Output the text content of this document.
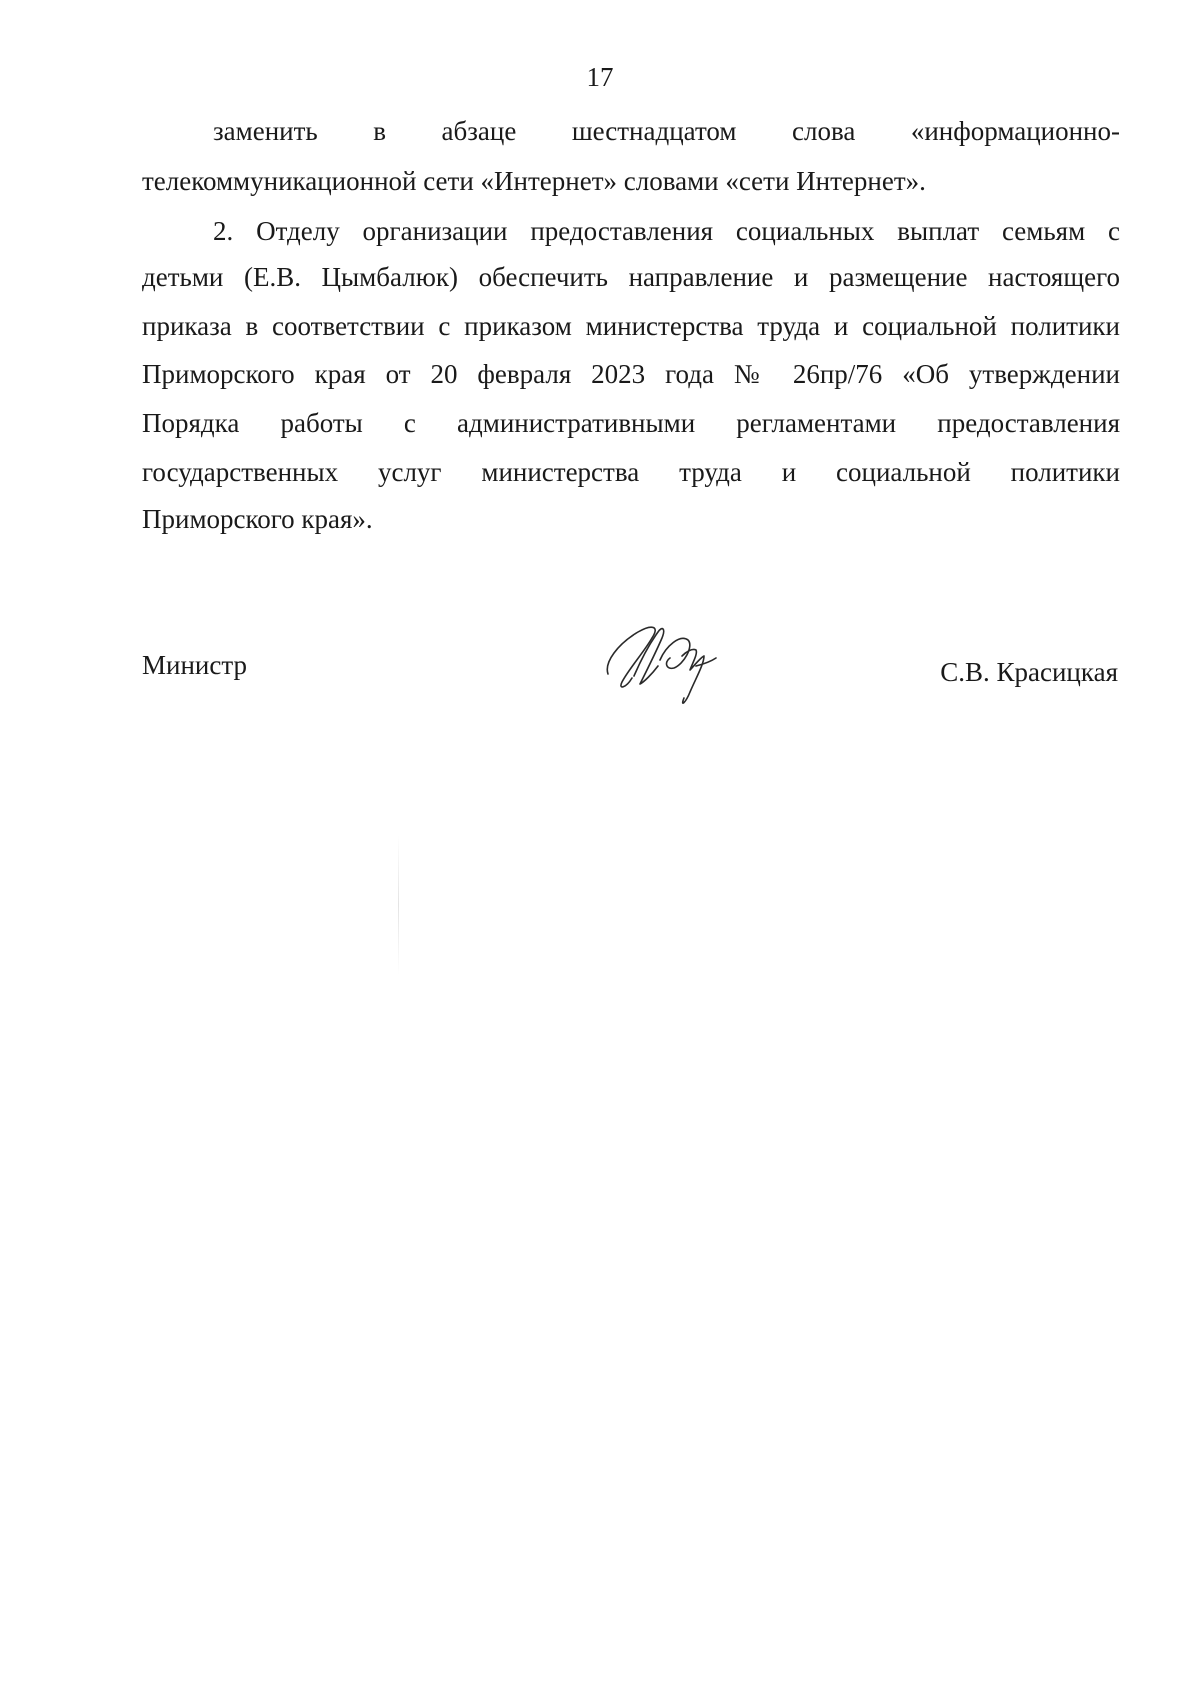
17
заменить в абзаце шестнадцатом слова «информационно-
телекоммуникационной сети «Интернет» словами «сети Интернет».
2. Отделу организации предоставления социальных выплат семьям с
детьми (Е.В. Цымбалюк) обеспечить направление и размещение настоящего
приказа в соответствии с приказом министерства труда и социальной политики
Приморского края от 20 февраля 2023 года № 26пр/76 «Об утверждении
Порядка работы с административными регламентами предоставления
государственных услуг министерства труда и социальной политики
Приморского края».
Министр	С.В. Красицкая
